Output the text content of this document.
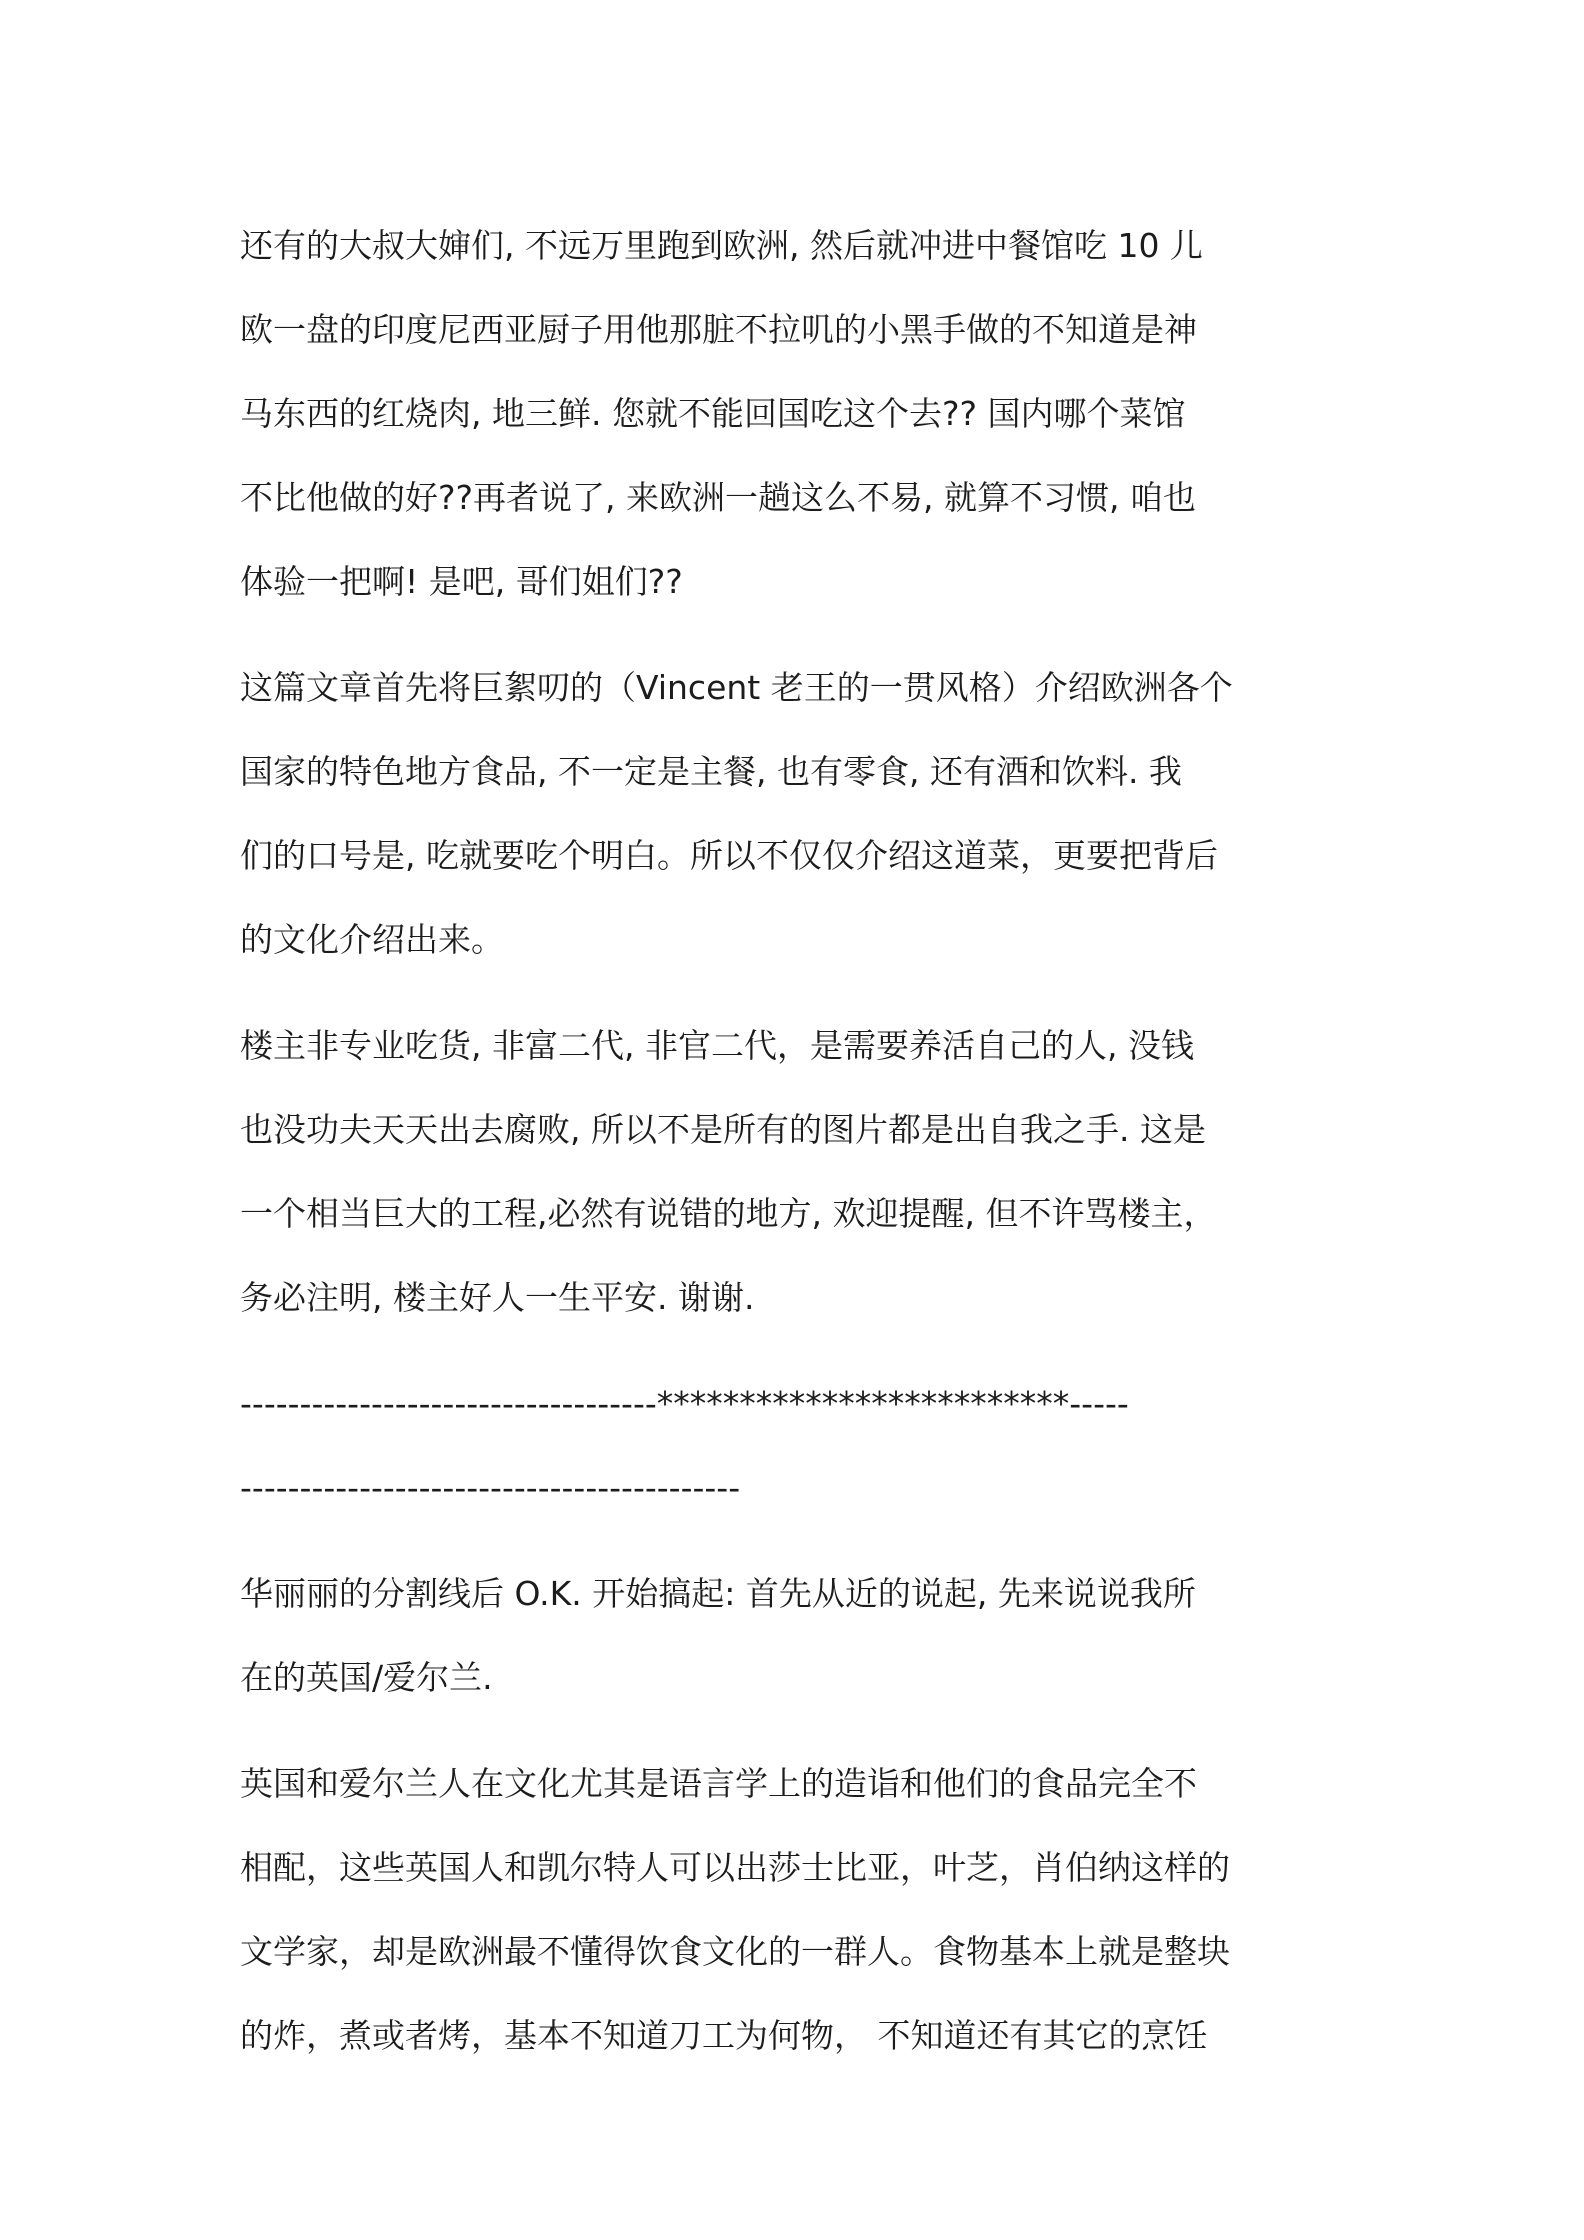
还有的大叔大婶们, 不远万里跑到欧洲, 然后就冲进中餐馆吃 10 儿
欧一盘的印度尼西亚厨子用他那脏不拉叽的小黑手做的不知道是神
马东西的红烧肉, 地三鲜. 您就不能回国吃这个去?? 国内哪个菜馆
不比他做的好??再者说了, 来欧洲一趟这么不易, 就算不习惯, 咱也
体验一把啊! 是吧, 哥们姐们??
这篇文章首先将巨絮叨的（Vincent 老王的一贯风格）介绍欧洲各个
国家的特色地方食品, 不一定是主餐, 也有零食, 还有酒和饮料. 我
们的口号是, 吃就要吃个明白。所以不仅仅介绍这道菜，更要把背后
的文化介绍出来。
楼主非专业吃货, 非富二代, 非官二代，是需要养活自己的人, 没钱
也没功夫天天出去腐败, 所以不是所有的图片都是出自我之手. 这是
一个相当巨大的工程,必然有说错的地方, 欢迎提醒, 但不许骂楼主，
务必注明, 楼主好人一生平安. 谢谢.
-----------------------------------*************************-----
------------------------------------------
华丽丽的分割线后 O.K. 开始搞起: 首先从近的说起, 先来说说我所
在的英国/爱尔兰.
英国和爱尔兰人在文化尤其是语言学上的造诣和他们的食品完全不
相配，这些英国人和凯尔特人可以出莎士比亚，叶芝，肖伯纳这样的
文学家，却是欧洲最不懂得饮食文化的一群人。食物基本上就是整块
的炸，煮或者烤，基本不知道刀工为何物， 不知道还有其它的烹饪
